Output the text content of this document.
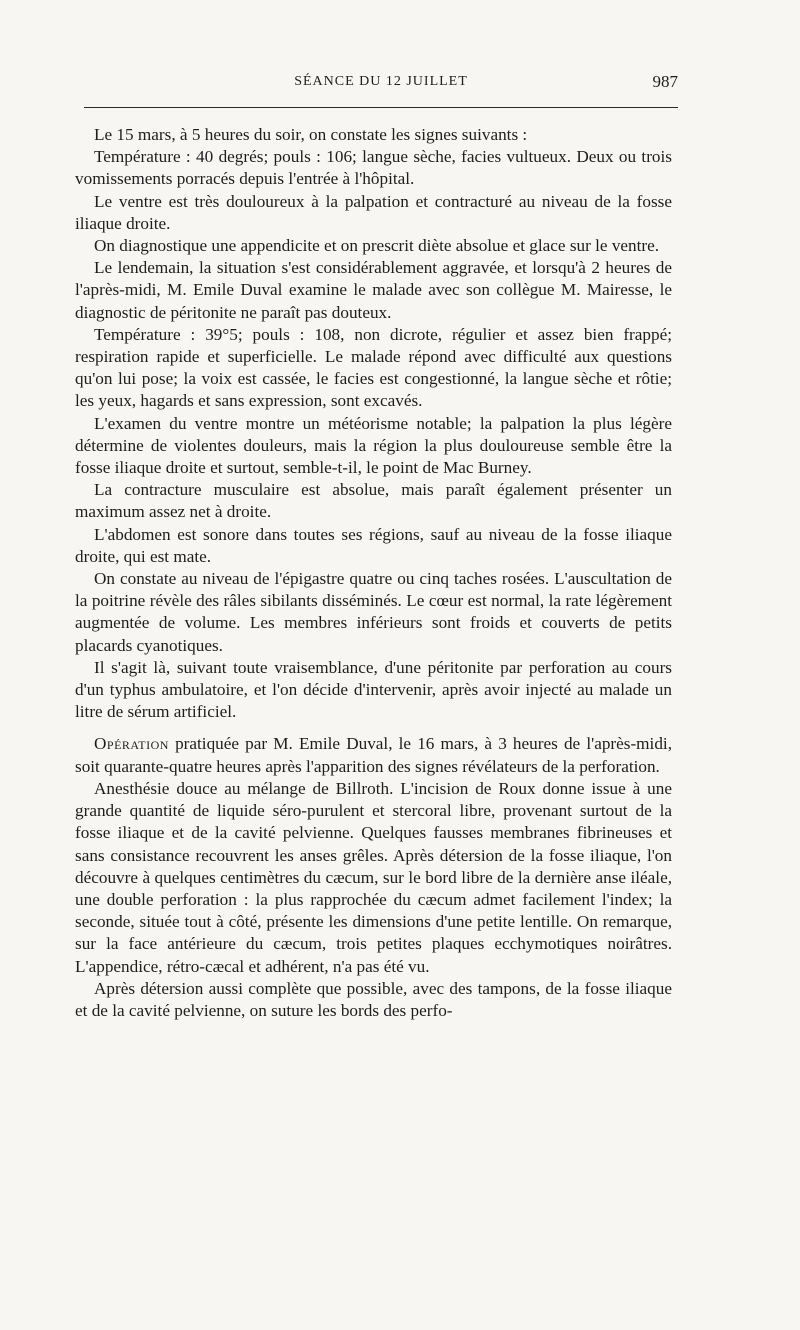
SÉANCE DU 12 JUILLET	987

Le 15 mars, à 5 heures du soir, on constate les signes suivants :

Température : 40 degrés; pouls : 106; langue sèche, facies vultueux. Deux ou trois vomissements porracés depuis l'entrée à l'hôpital.

Le ventre est très douloureux à la palpation et contracturé au niveau de la fosse iliaque droite.

On diagnostique une appendicite et on prescrit diète absolue et glace sur le ventre.

Le lendemain, la situation s'est considérablement aggravée, et lorsqu'à 2 heures de l'après-midi, M. Emile Duval examine le malade avec son collègue M. Mairesse, le diagnostic de péritonite ne paraît pas douteux.

Température : 39°5; pouls : 108, non dicrote, régulier et assez bien frappé; respiration rapide et superficielle. Le malade répond avec difficulté aux questions qu'on lui pose; la voix est cassée, le facies est congestionné, la langue sèche et rôtie; les yeux, hagards et sans expression, sont excavés.

L'examen du ventre montre un météorisme notable; la palpation la plus légère détermine de violentes douleurs, mais la région la plus douloureuse semble être la fosse iliaque droite et surtout, semble-t-il, le point de Mac Burney.

La contracture musculaire est absolue, mais paraît également présenter un maximum assez net à droite.

L'abdomen est sonore dans toutes ses régions, sauf au niveau de la fosse iliaque droite, qui est mate.

On constate au niveau de l'épigastre quatre ou cinq taches rosées. L'auscultation de la poitrine révèle des râles sibilants disséminés. Le cœur est normal, la rate légèrement augmentée de volume. Les membres inférieurs sont froids et couverts de petits placards cyanotiques.

Il s'agit là, suivant toute vraisemblance, d'une péritonite par perforation au cours d'un typhus ambulatoire, et l'on décide d'intervenir, après avoir injecté au malade un litre de sérum artificiel.

Opération pratiquée par M. Emile Duval, le 16 mars, à 3 heures de l'après-midi, soit quarante-quatre heures après l'apparition des signes révélateurs de la perforation.

Anesthésie douce au mélange de Billroth. L'incision de Roux donne issue à une grande quantité de liquide séro-purulent et stercoral libre, provenant surtout de la fosse iliaque et de la cavité pelvienne. Quelques fausses membranes fibrineuses et sans consistance recouvrent les anses grêles. Après détersion de la fosse iliaque, l'on découvre à quelques centimètres du cæcum, sur le bord libre de la dernière anse iléale, une double perforation : la plus rapprochée du cæcum admet facilement l'index; la seconde, située tout à côté, présente les dimensions d'une petite lentille. On remarque, sur la face antérieure du cæcum, trois petites plaques ecchymotiques noirâtres. L'appendice, rétro-cæcal et adhérent, n'a pas été vu.

Après détersion aussi complète que possible, avec des tampons, de la fosse iliaque et de la cavité pelvienne, on suture les bords des perfo-
